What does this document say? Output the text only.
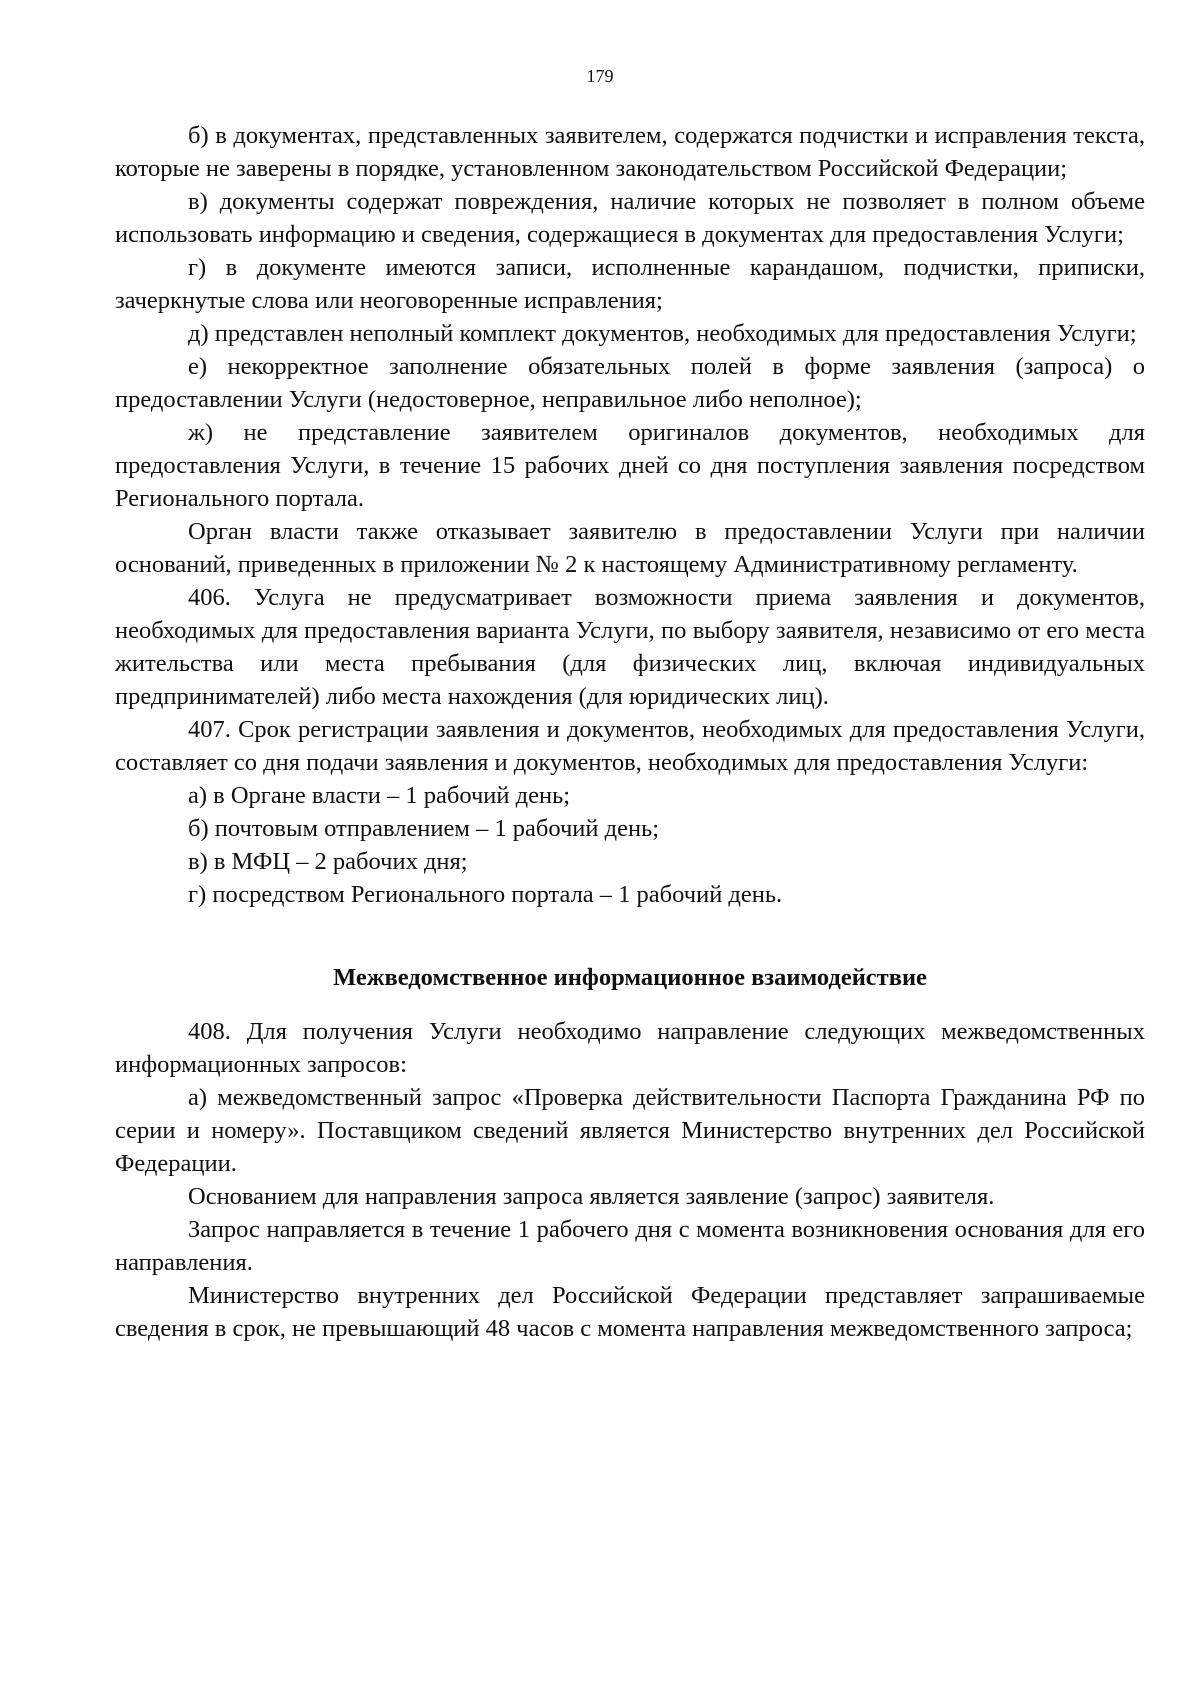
179

б) в документах, представленных заявителем, содержатся подчистки и исправления текста, которые не заверены в порядке, установленном законодательством Российской Федерации;

в) документы содержат повреждения, наличие которых не позволяет в полном объеме использовать информацию и сведения, содержащиеся в документах для предоставления Услуги;

г) в документе имеются записи, исполненные карандашом, подчистки, приписки, зачеркнутые слова или неоговоренные исправления;

д) представлен неполный комплект документов, необходимых для предоставления Услуги;

е) некорректное заполнение обязательных полей в форме заявления (запроса) о предоставлении Услуги (недостоверное, неправильное либо неполное);

ж) не представление заявителем оригиналов документов, необходимых для предоставления Услуги, в течение 15 рабочих дней со дня поступления заявления посредством Регионального портала.

Орган власти также отказывает заявителю в предоставлении Услуги при наличии оснований, приведенных в приложении № 2 к настоящему Административному регламенту.

406. Услуга не предусматривает возможности приема заявления и документов, необходимых для предоставления варианта Услуги, по выбору заявителя, независимо от его места жительства или места пребывания (для физических лиц, включая индивидуальных предпринимателей) либо места нахождения (для юридических лиц).

407. Срок регистрации заявления и документов, необходимых для предоставления Услуги, составляет со дня подачи заявления и документов, необходимых для предоставления Услуги:

а) в Органе власти – 1 рабочий день;

б) почтовым отправлением – 1 рабочий день;

в) в МФЦ – 2 рабочих дня;

г) посредством Регионального портала – 1 рабочий день.

Межведомственное информационное взаимодействие

408. Для получения Услуги необходимо направление следующих межведомственных информационных запросов:

а) межведомственный запрос «Проверка действительности Паспорта Гражданина РФ по серии и номеру». Поставщиком сведений является Министерство внутренних дел Российской Федерации.

Основанием для направления запроса является заявление (запрос) заявителя.

Запрос направляется в течение 1 рабочего дня с момента возникновения основания для его направления.

Министерство внутренних дел Российской Федерации представляет запрашиваемые сведения в срок, не превышающий 48 часов с момента направления межведомственного запроса;
